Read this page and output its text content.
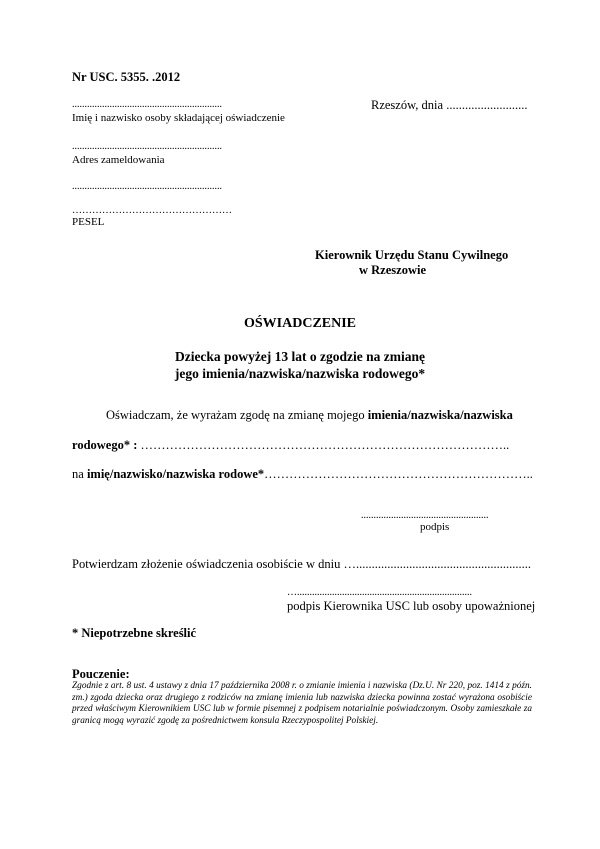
Nr USC. 5355. .2012
Rzeszów, dnia ..........................
............................................................
Imię i nazwisko osoby składającej oświadczenie
............................................................
Adres zameldowania
............................................................
…………………………………………
PESEL
Kierownik Urzędu Stanu Cywilnego
w Rzeszowie
OŚWIADCZENIE
Dziecka powyżej 13 lat o zgodzie na zmianę
jego imienia/nazwiska/nazwiska rodowego*
Oświadczam, że wyrażam zgodę na zmianę mojego imienia/nazwiska/nazwiska
rodowego* : ……………………………………………………………………………..
na imię/nazwisko/nazwiska rodowe*………………………………………………………..
...................................................
podpis
Potwierdzam złożenie oświadczenia osobiście w dniu …........................................................
…......................................................................
podpis Kierownika USC lub osoby upoważnionej
* Niepotrzebne skreślić
Pouczenie:
Zgodnie z art. 8 ust. 4 ustawy z dnia 17 października 2008 r. o zmianie imienia i nazwiska (Dz.U. Nr 220, poz. 1414 z późn. zm.) zgoda dziecka oraz drugiego z rodziców na zmianę imienia lub nazwiska dziecka powinna zostać wyrażona osobiście przed właściwym Kierownikiem USC lub w formie pisemnej z podpisem notarialnie poświadczonym. Osoby zamieszkałe za granicą mogą wyrazić zgodę za pośrednictwem konsula Rzeczypospolitej Polskiej.
